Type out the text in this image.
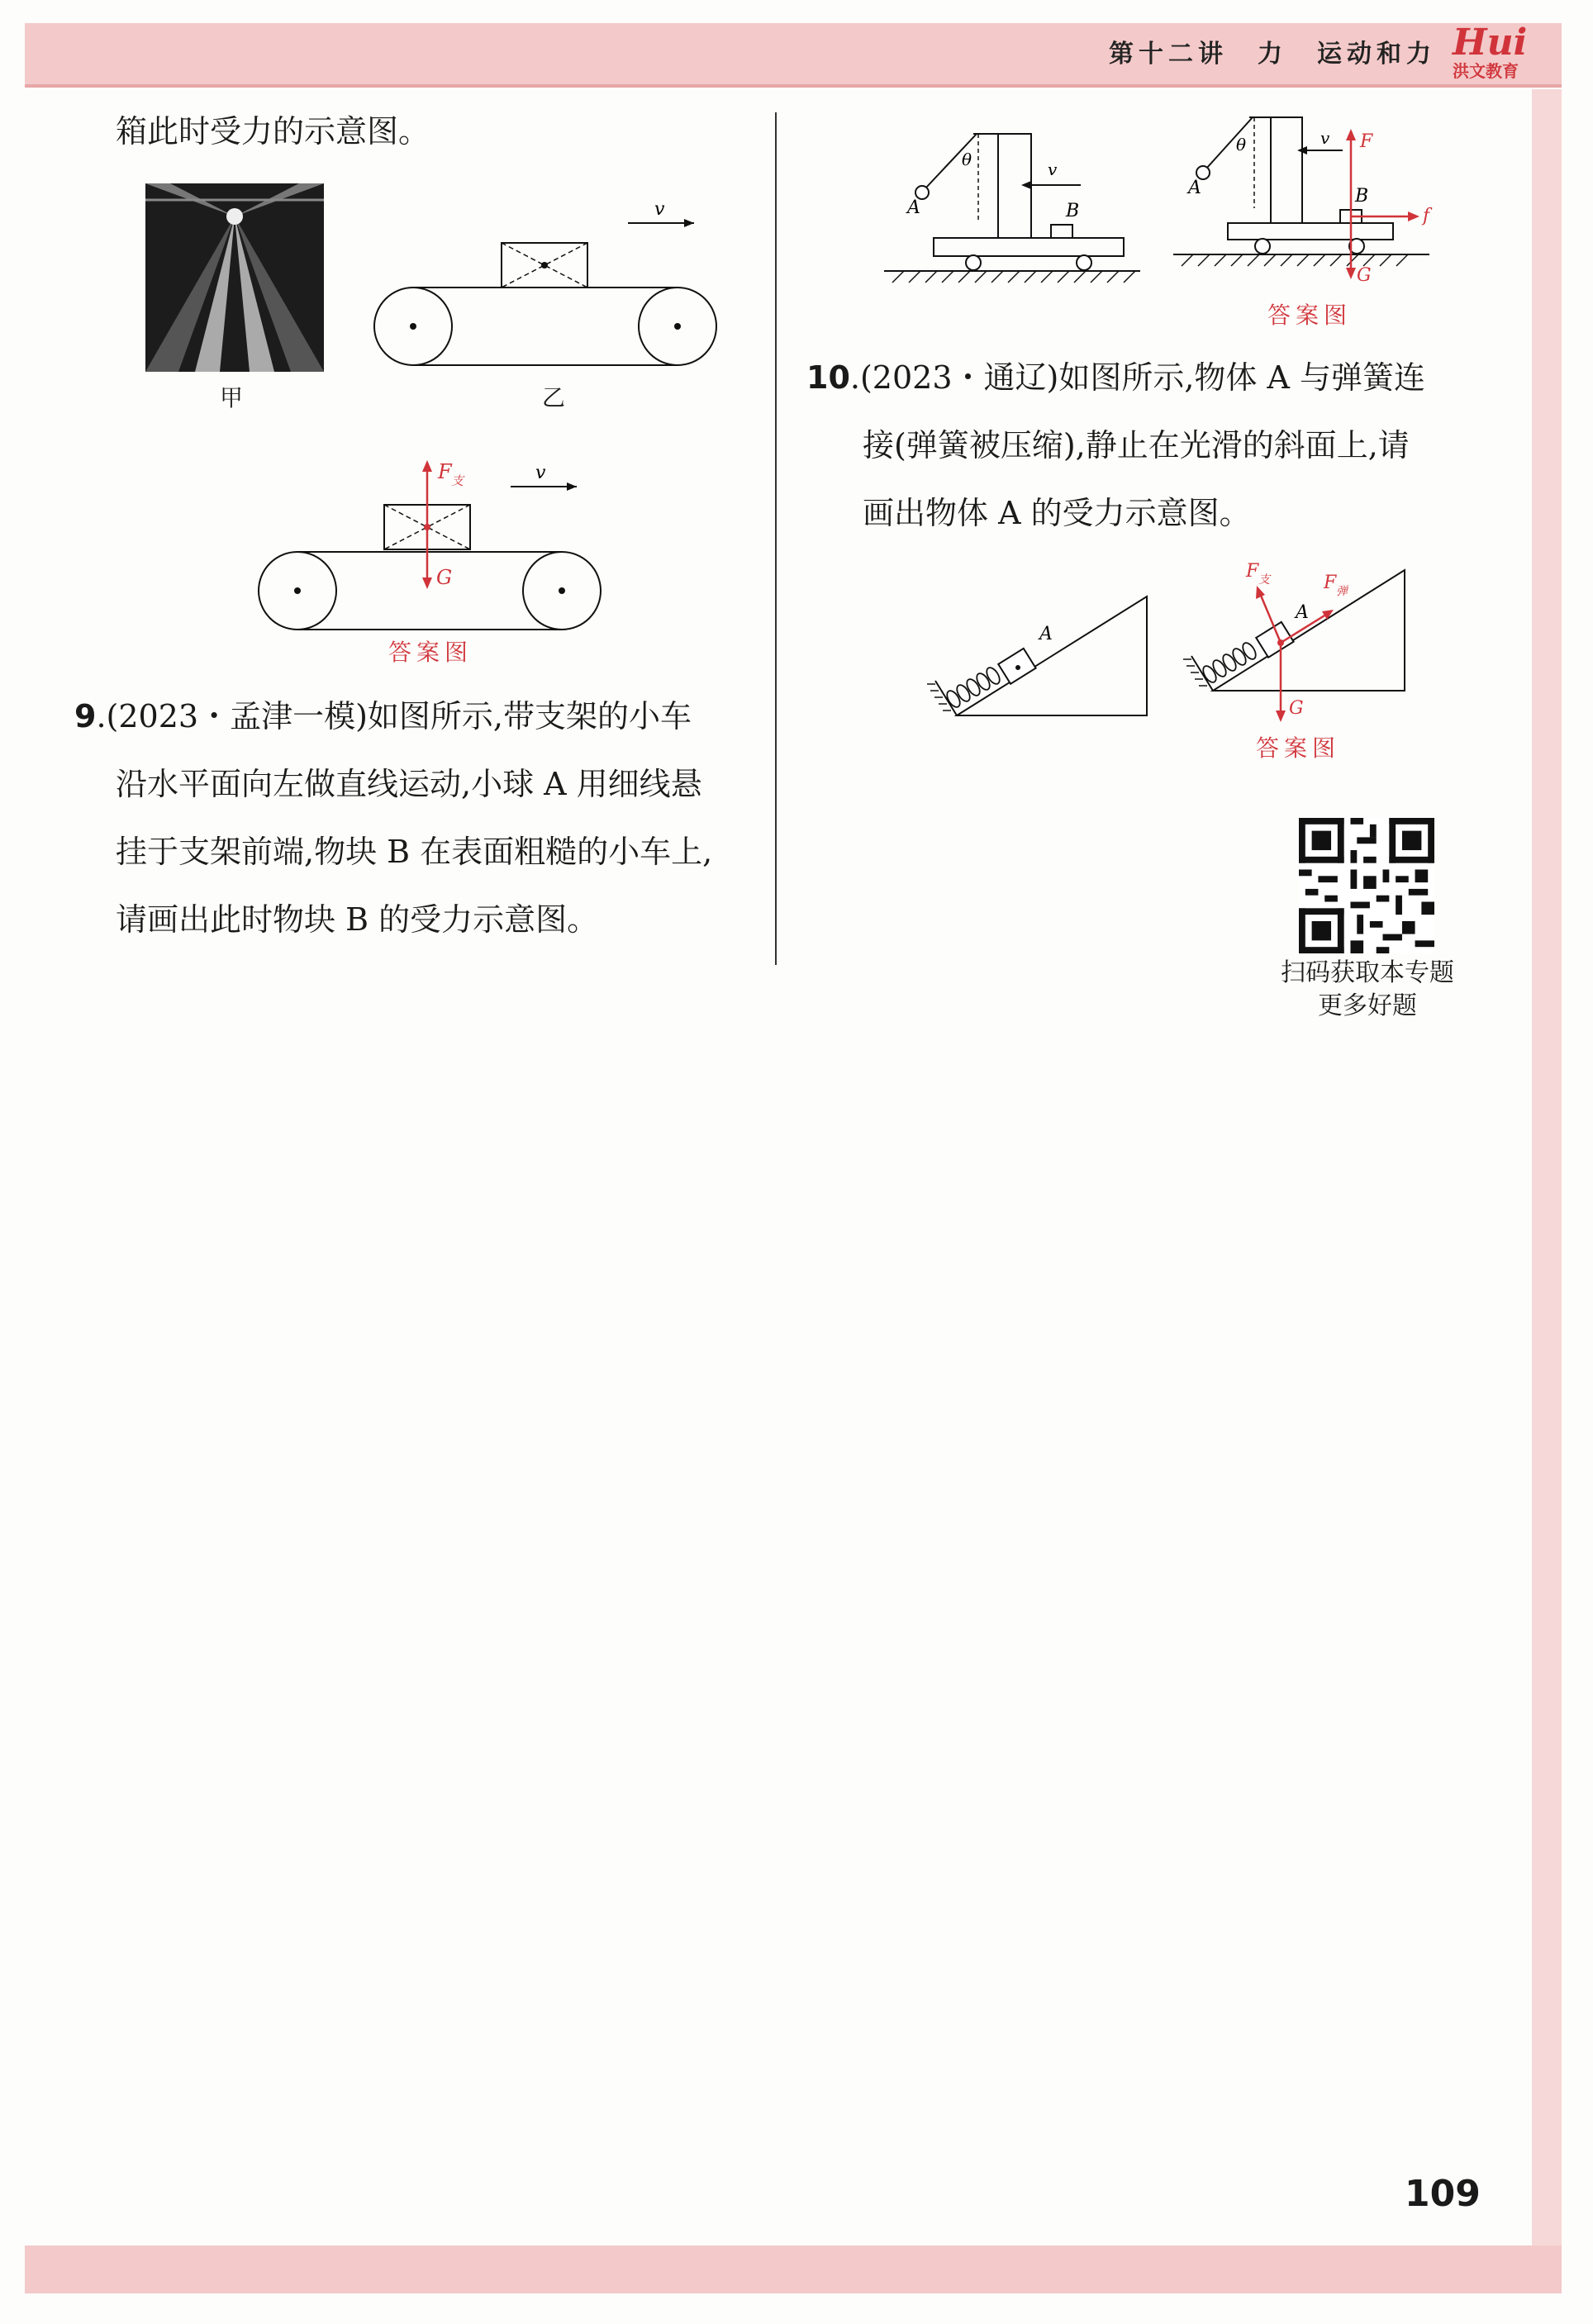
第十二讲　力　运动和力 Hui
洪文教育
箱此时受力的示意图。
甲
v
乙
v
F 支
G
答案图
9.(2023・孟津一模)如图所示,带支架的小车
沿水平面向左做直线运动,小球 A 用细线悬
挂于支架前端,物块 B 在表面粗糙的小车上,
请画出此时物块 B 的受力示意图。
A
θ
B
v
A
θ
B
v F
f
G
答案图
10.(2023・通辽)如图所示,物体 A 与弹簧连
接(弹簧被压缩),静止在光滑的斜面上,请
画出物体 A 的受力示意图。
A
A
F 支	F 弹
G
答案图
扫码获取本专题
更多好题
109
